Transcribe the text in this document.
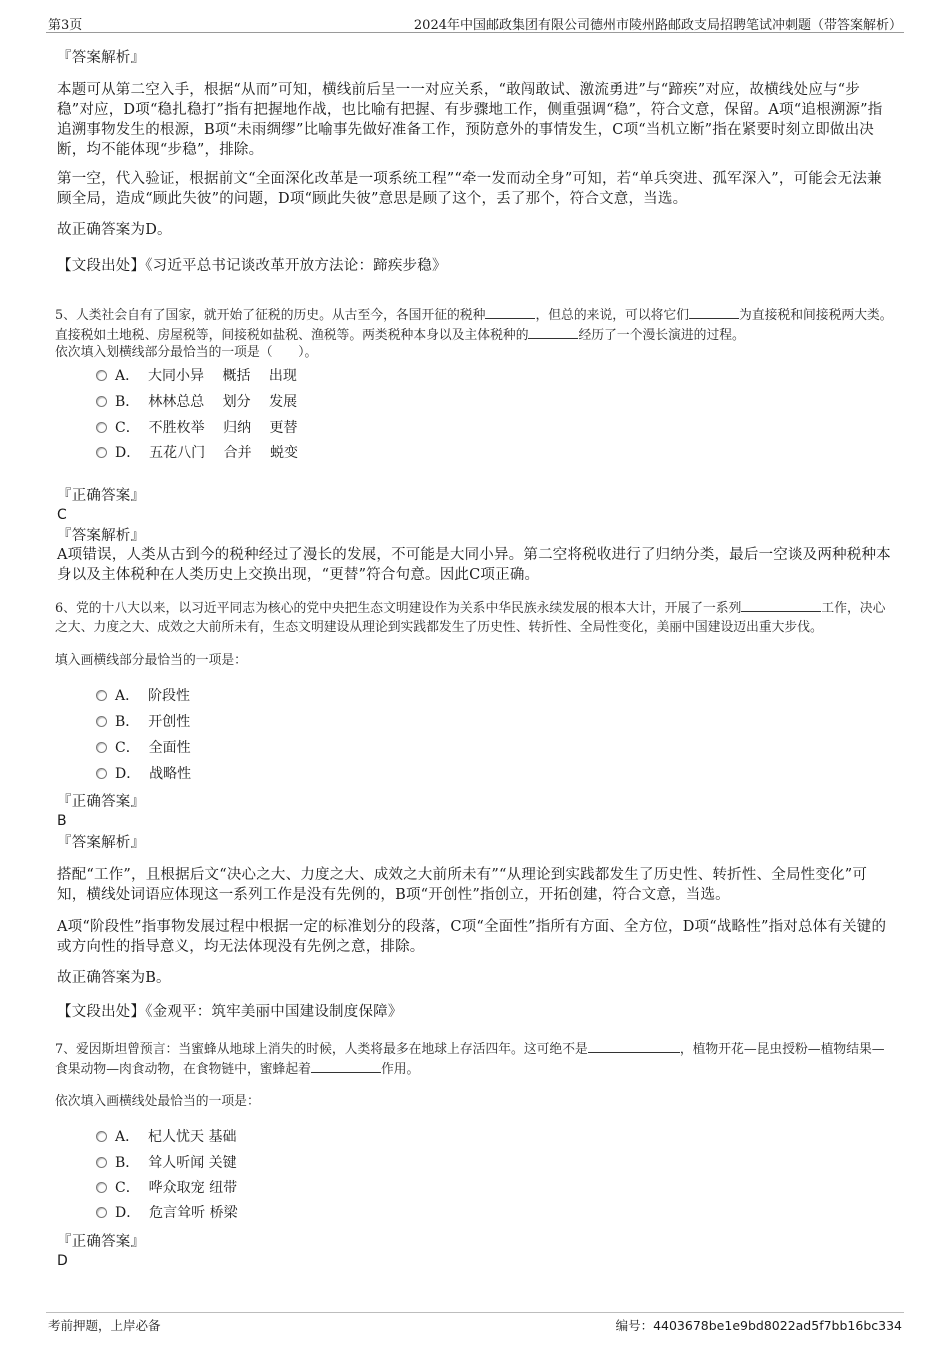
第3页	2024年中国邮政集团有限公司德州市陵州路邮政支局招聘笔试冲刺题（带答案解析）
『答案解析』
本题可从第二空入手，根据“从而”可知，横线前后呈一一对应关系，“敢闯敢试、激流勇进”与“蹄疾”对应，故横线处应与“步稳”对应，D项“稳扎稳打”指有把握地作战，也比喻有把握、有步骤地工作，侧重强调“稳”，符合文意，保留。A项“追根溯源”指追溯事物发生的根源，B项“未雨绸缪”比喻事先做好准备工作，预防意外的事情发生，C项“当机立断”指在紧要时刻立即做出决断，均不能体现“步稳”，排除。
第一空，代入验证，根据前文“全面深化改革是一项系统工程”“牵一发而动全身”可知，若“单兵突进、孤军深入”，可能会无法兼顾全局，造成“顾此失彼”的问题，D项“顾此失彼”意思是顾了这个，丢了那个，符合文意，当选。
故正确答案为D。
【文段出处】《习近平总书记谈改革开放方法论：蹄疾步稳》
5、人类社会自有了国家，就开始了征税的历史。从古至今，各国开征的税种	，但总的来说，可以将它们	为直接税和间接税两大类。直接税如土地税、房屋税等，间接税如盐税、渔税等。两类税种本身以及主体税种的	经历了一个漫长演进的过程。
依次填入划横线部分最恰当的一项是（　　）。
A． 大同小异　 概括　 出现
B． 林林总总　 划分　 发展
C． 不胜枚举　 归纳　 更替
D． 五花八门　 合并　 蜕变
『正确答案』
C
『答案解析』
A项错误，人类从古到今的税种经过了漫长的发展，不可能是大同小异。第二空将税收进行了归纳分类，最后一空谈及两种税种本身以及主体税种在人类历史上交换出现，“更替”符合句意。因此C项正确。
6、党的十八大以来，以习近平同志为核心的党中央把生态文明建设作为关系中华民族永续发展的根本大计，开展了一系列	工作，决心之大、力度之大、成效之大前所未有，生态文明建设从理论到实践都发生了历史性、转折性、全局性变化，美丽中国建设迈出重大步伐。
填入画横线部分最恰当的一项是：
A． 阶段性
B． 开创性
C． 全面性
D． 战略性
『正确答案』
B
『答案解析』
搭配“工作”，且根据后文“决心之大、力度之大、成效之大前所未有”“从理论到实践都发生了历史性、转折性、全局性变化”可知，横线处词语应体现这一系列工作是没有先例的，B项“开创性”指创立，开拓创建，符合文意，当选。
A项“阶段性”指事物发展过程中根据一定的标准划分的段落，C项“全面性”指所有方面、全方位，D项“战略性”指对总体有关键的或方向性的指导意义，均无法体现没有先例之意，排除。
故正确答案为B。
【文段出处】《金观平：筑牢美丽中国建设制度保障》
7、爱因斯坦曾预言：当蜜蜂从地球上消失的时候，人类将最多在地球上存活四年。这可绝不是	，植物开花—昆虫授粉—植物结果—食果动物—肉食动物，在食物链中，蜜蜂起着	作用。
依次填入画横线处最恰当的一项是：
A． 杞人忧天 基础
B． 耸人听闻 关键
C． 哗众取宠 纽带
D． 危言耸听 桥梁
『正确答案』
D
考前押题，上岸必备	编号：4403678be1e9bd8022ad5f7bb16bc334
